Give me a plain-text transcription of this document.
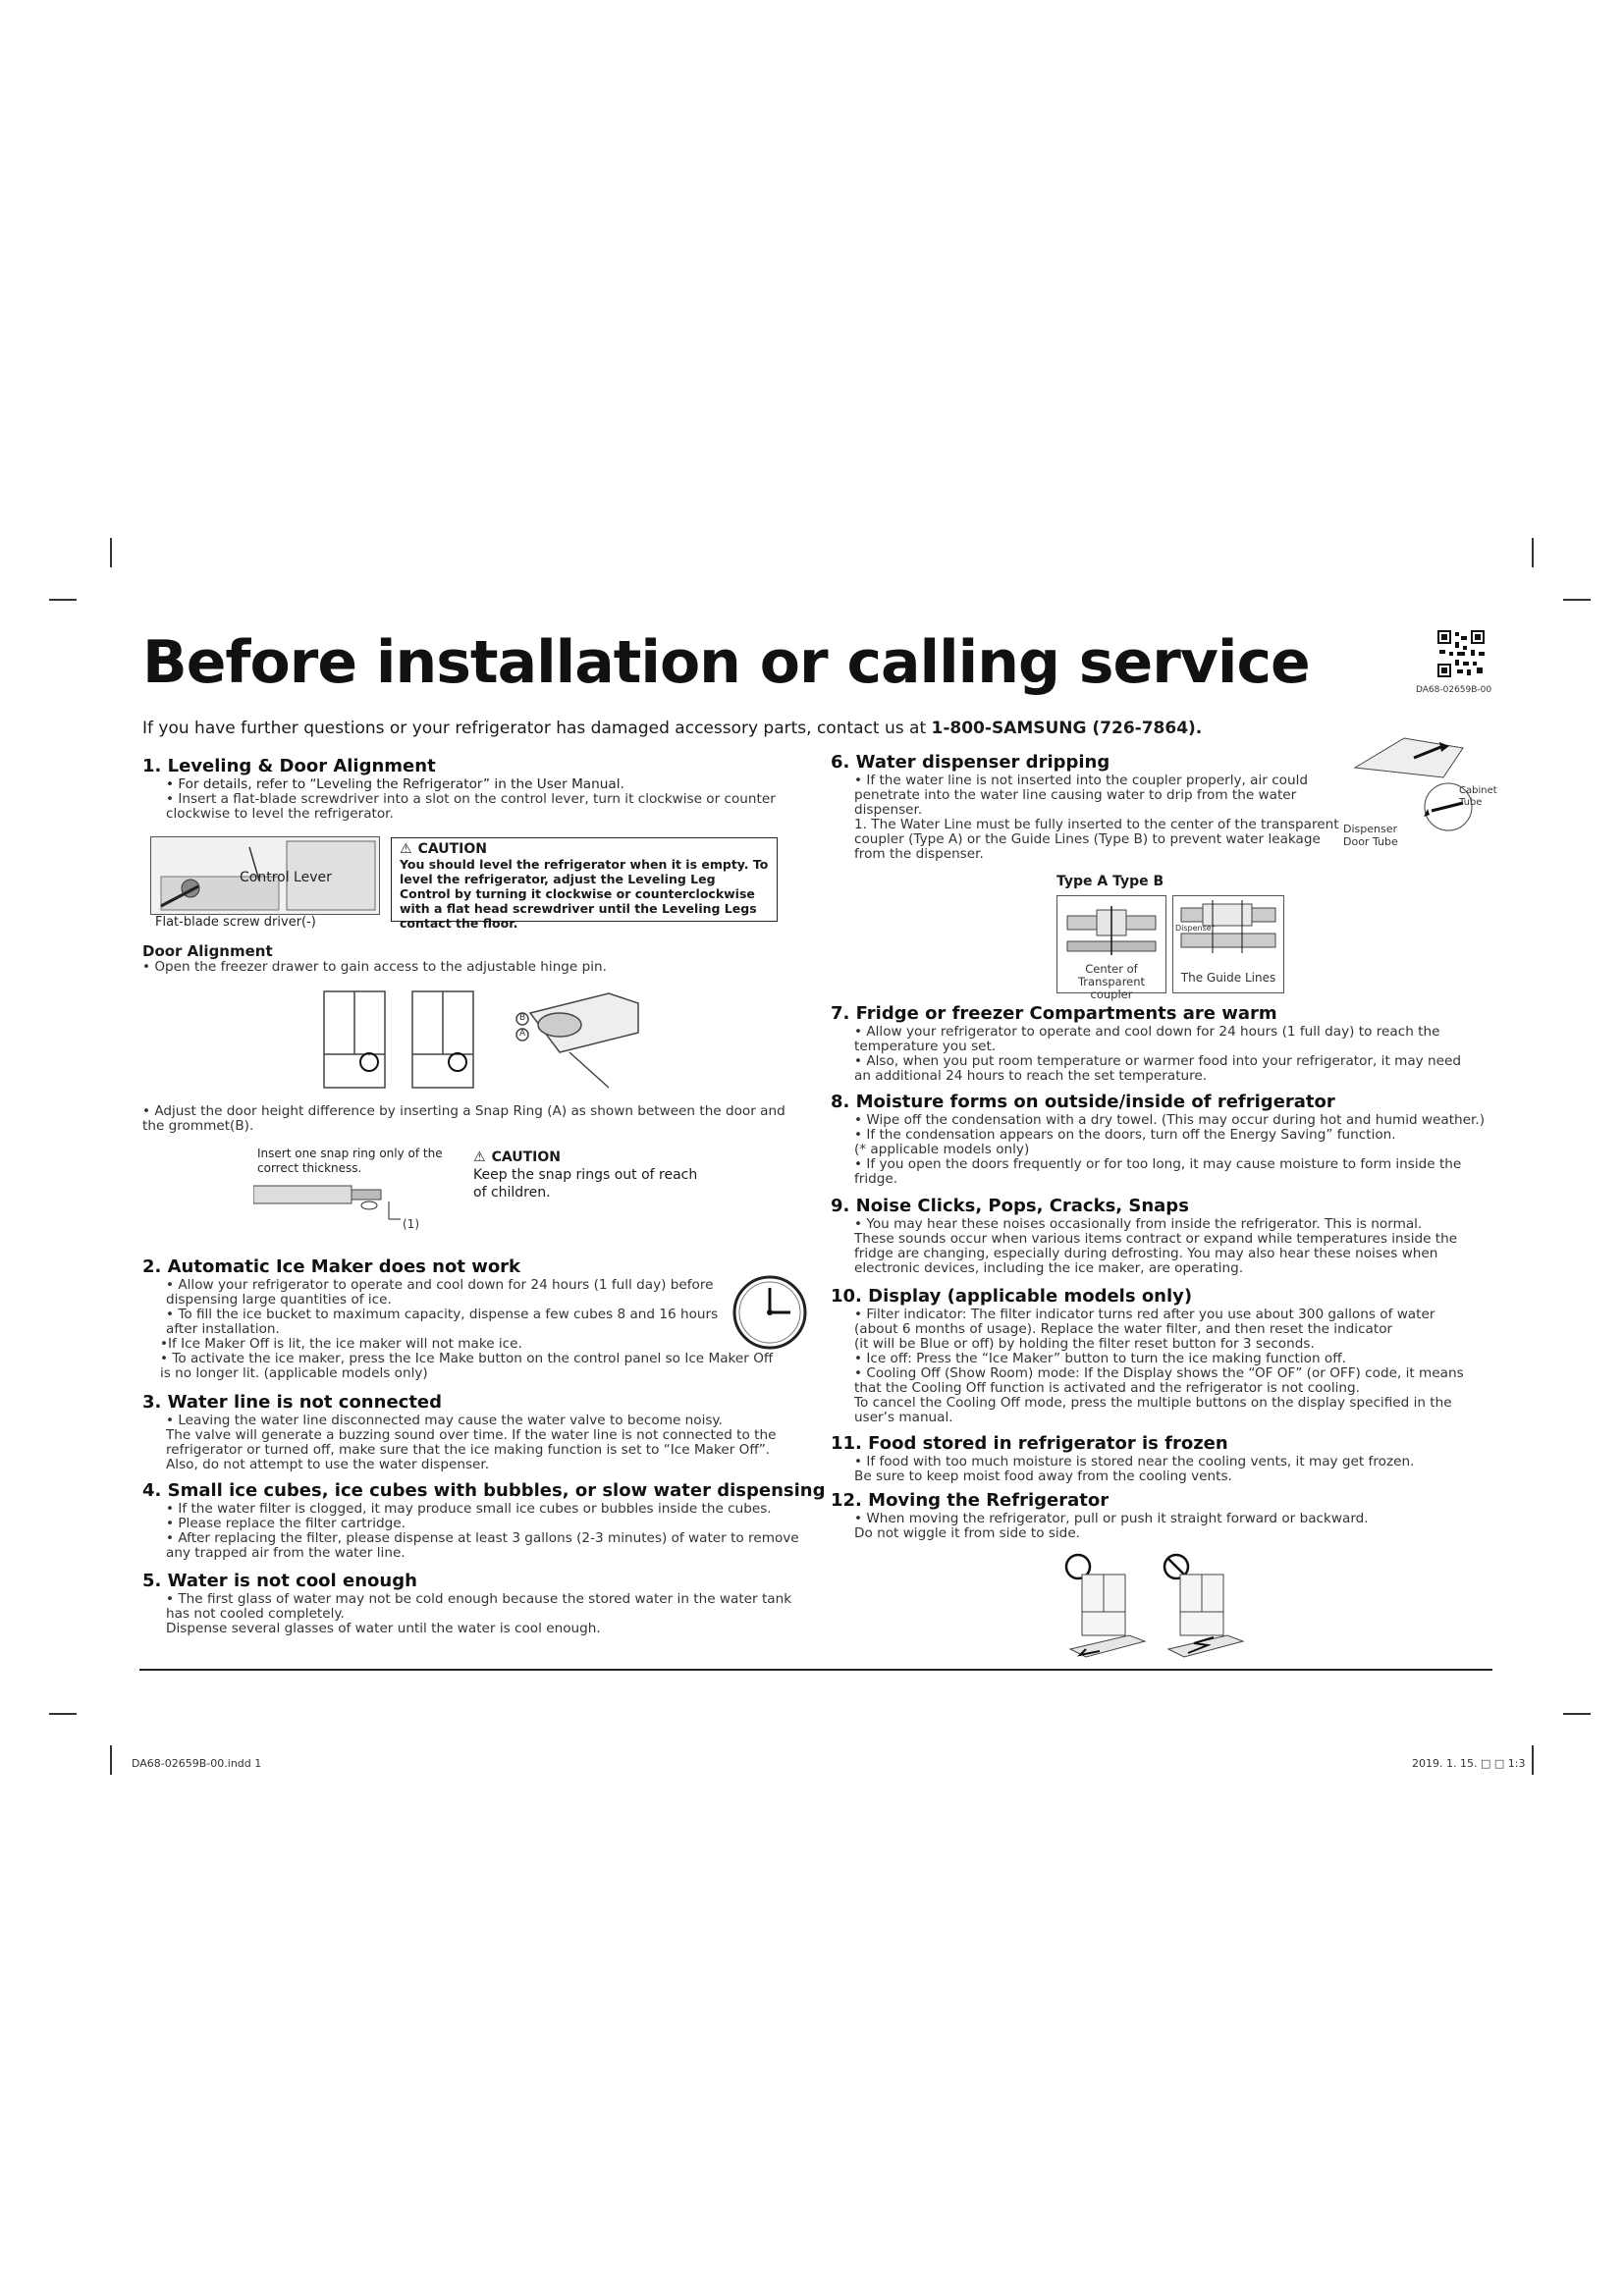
Before installation or calling service	DA68-02659B-00
If you have further questions or your refrigerator has damaged accessory parts, contact us at 1-800-SAMSUNG (726-7864).

1. Leveling & Door Alignment

• For details, refer to “Leveling the Refrigerator” in the User Manual.

• Insert a flat-blade screwdriver into a slot on the control lever, turn it clockwise or counter

clockwise to level the refrigerator.

Control Lever
Flat-blade screw driver(-)
⚠ CAUTION
You should level the refrigerator when it is empty. To level the refrigerator, adjust the Leveling Leg Control by turning it clockwise or counterclockwise with a flat head screwdriver until the Leveling Legs contact the floor.

Door Alignment

• Open the freezer drawer to gain access to the adjustable hinge pin.

B
A

• Adjust the door height difference by inserting a Snap Ring (A) as shown between the door and

the grommet(B).

Insert one snap ring only of the correct thickness.
(1)
⚠ CAUTION
Keep the snap rings out of reach of children.

2. Automatic Ice Maker does not work

• Allow your refrigerator to operate and cool down for 24 hours (1 full day) before

dispensing large quantities of ice.

• To fill the ice bucket to maximum capacity, dispense a few cubes 8 and 16 hours

after installation.

•If Ice Maker Off is lit, the ice maker will not make ice.

• To activate the ice maker, press the Ice Make button on the control panel so Ice Maker Off

is no longer lit. (applicable models only)

3. Water line is not connected

• Leaving the water line disconnected may cause the water valve to become noisy.

The valve will generate a buzzing sound over time. If the water line is not connected to the

refrigerator or turned off, make sure that the ice making function is set to “Ice Maker Off”.

Also, do not attempt to use the water dispenser.

4. Small ice cubes, ice cubes with bubbles, or slow water dispensing

• If the water filter is clogged, it may produce small ice cubes or bubbles inside the cubes.

• Please replace the filter cartridge.

• After replacing the filter, please dispense at least 3 gallons (2-3 minutes) of water to remove

any trapped air from the water line.

5. Water is not cool enough

• The first glass of water may not be cold enough because the stored water in the water tank

has not cooled completely.

Dispense several glasses of water until the water is cool enough.

6. Water dispenser dripping

• If the water line is not inserted into the coupler properly, air could

penetrate into the water line causing water to drip from the water

dispenser.

1. The Water Line must be fully inserted to the center of the transparent

coupler (Type A) or the Guide Lines (Type B) to prevent water leakage

from the dispenser.

Dispenser Door Tube
Cabinet Tube
Type A Type B
Center of Transparent coupler
Dispenser
The Guide Lines

7. Fridge or freezer Compartments are warm

• Allow your refrigerator to operate and cool down for 24 hours (1 full day) to reach the

temperature you set.

• Also, when you put room temperature or warmer food into your refrigerator, it may need

an additional 24 hours to reach the set temperature.

8. Moisture forms on outside/inside of refrigerator

• Wipe off the condensation with a dry towel. (This may occur during hot and humid weather.)

• If the condensation appears on the doors, turn off the Energy Saving” function.

(* applicable models only)

• If you open the doors frequently or for too long, it may cause moisture to form inside the

fridge.

9. Noise Clicks, Pops, Cracks, Snaps

• You may hear these noises occasionally from inside the refrigerator. This is normal.

These sounds occur when various items contract or expand while temperatures inside the

fridge are changing, especially during defrosting. You may also hear these noises when

electronic devices, including the ice maker, are operating.

10. Display (applicable models only)

• Filter indicator: The filter indicator turns red after you use about 300 gallons of water

(about 6 months of usage). Replace the water filter, and then reset the indicator

(it will be Blue or off) by holding the filter reset button for 3 seconds.

• Ice off: Press the “Ice Maker” button to turn the ice making function off.

• Cooling Off (Show Room) mode: If the Display shows the “OF OF” (or OFF) code, it means

that the Cooling Off function is activated and the refrigerator is not cooling.

To cancel the Cooling Off mode, press the multiple buttons on the display specified in the

user’s manual.

11. Food stored in refrigerator is frozen

• If food with too much moisture is stored near the cooling vents, it may get frozen.

Be sure to keep moist food away from the cooling vents.

12. Moving the Refrigerator

• When moving the refrigerator, pull or push it straight forward or backward.

Do not wiggle it from side to side.

DA68-02659B-00.indd 1	2019. 1. 15. □ □ 1:3
